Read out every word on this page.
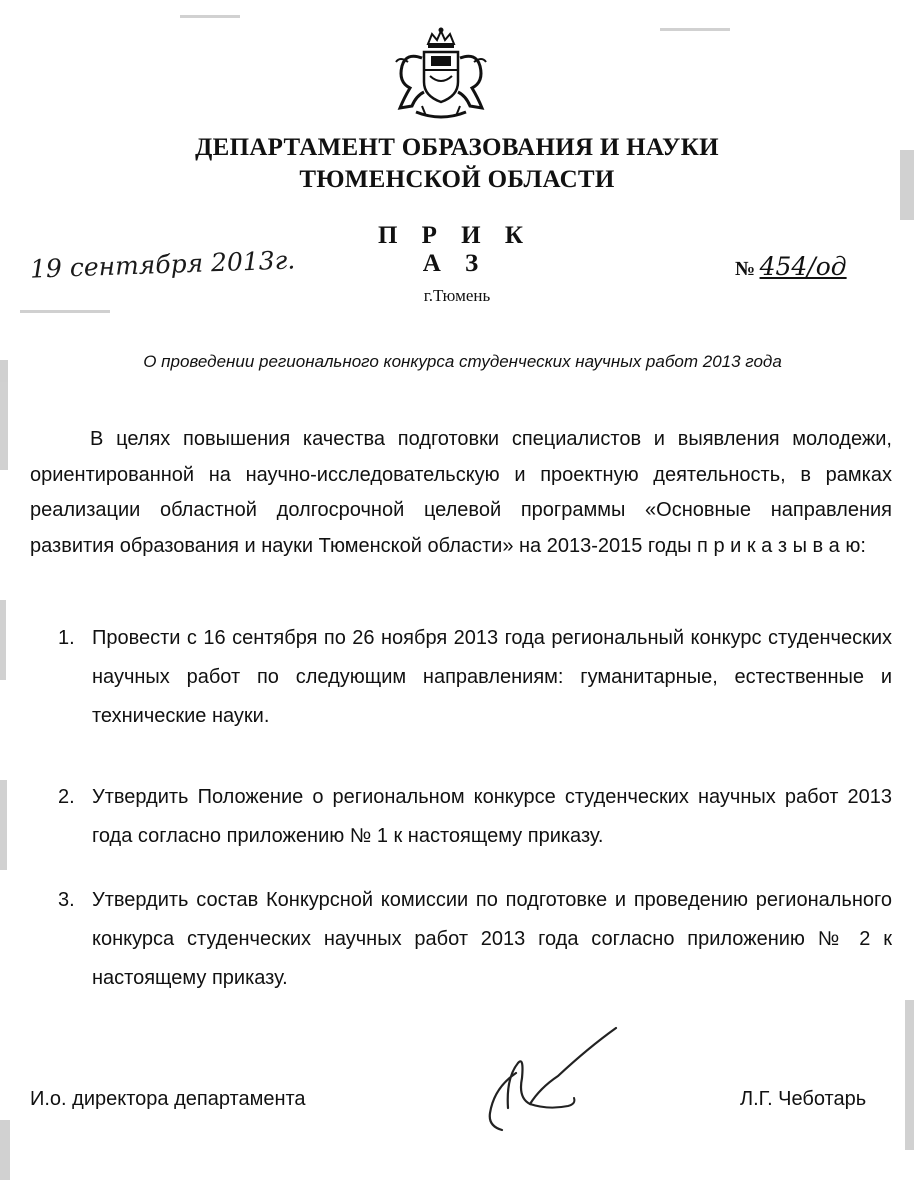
ДЕПАРТАМЕНТ ОБРАЗОВАНИЯ И НАУКИ
ТЮМЕНСКОЙ ОБЛАСТИ
П Р И К А З
19 сентября 2013г.	№ 454/од
г.Тюмень
О проведении регионального конкурса студенческих научных работ 2013 года
В целях повышения качества подготовки специалистов и выявления молодежи, ориентированной на научно-исследовательскую и проектную деятельность, в рамках реализации областной долгосрочной целевой программы «Основные направления развития образования и науки Тюменской области» на 2013-2015 годы п р и к а з ы в а ю:
1. Провести с 16 сентября по 26 ноября 2013 года региональный конкурс студенческих научных работ по следующим направлениям: гуманитарные, естественные и технические науки.
2. Утвердить Положение о региональном конкурсе студенческих научных работ 2013 года согласно приложению № 1 к настоящему приказу.
3. Утвердить состав Конкурсной комиссии по подготовке и проведению регионального конкурса студенческих научных работ 2013 года согласно приложению № 2 к настоящему приказу.
И.о. директора департамента	Л.Г. Чеботарь
